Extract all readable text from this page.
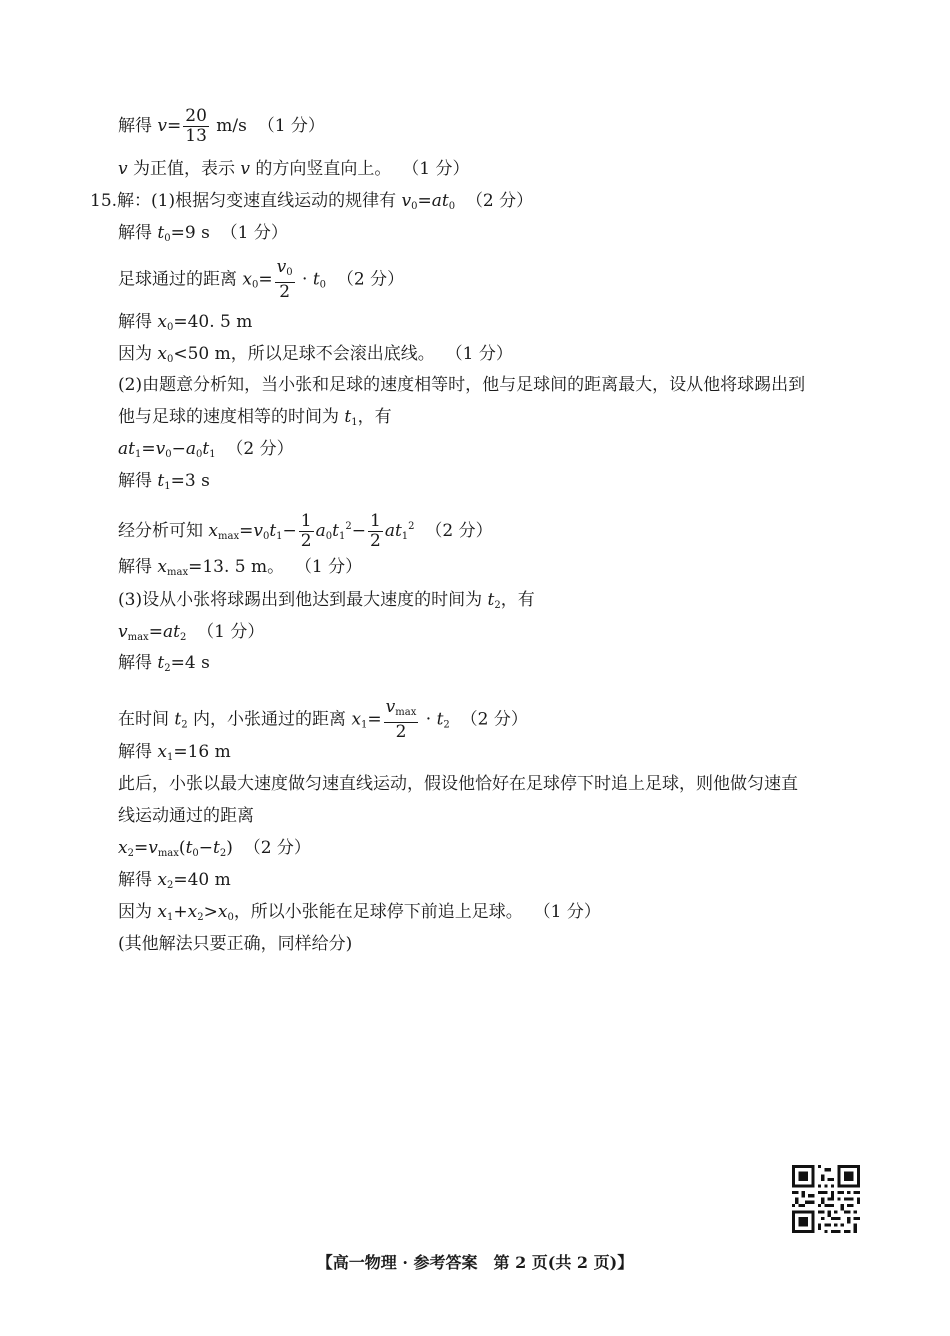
解得 $v= \frac{20}{13} m/s$ （1 分）
v 为正值，表示 v 的方向竖直向上。 （1 分）
15.解：(1)根据匀变速直线运动的规律有 $v_0=at_0$ （2 分）
解得 $t_0=9$ s （1 分）
足球通过的距离 $x_0= \frac{v_0}{2} \cdot t_0$ （2 分）
解得 $x_0=40$. 5 m
因为 $x_0<50$ m，所以足球不会滚出底线。 （1 分）
(2)由题意分析知，当小张和足球的速度相等时，他与足球间的距离最大，设从他将球踢出到
他与足球的速度相等的时间为 $t_1$，有
$at_1=v_0-a_0t_1$ （2 分）
解得 $t_1=3$ s
经分析可知 $x_{max}=v_0t_1- \frac{1}{2} a_0t_1^2- \frac{1}{2} at_1^2$ （2 分）
解得 $x_{max}=13$. 5 m。 （1 分）
(3)设从小张将球踢出到他达到最大速度的时间为 $t_2$，有
$v_{max}=at_2$ （1 分）
解得 $t_2=4$ s
在时间 $t_2$ 内，小张通过的距离 $x_1= \frac{v_{max}}{2} \cdot t_2$ （2 分）
解得 $x_1=16$ m
此后，小张以最大速度做匀速直线运动，假设他恰好在足球停下时追上足球，则他做匀速直
线运动通过的距离
$x_2=v_{max}(t_0-t_2)$ （2 分）
解得 $x_2=40$ m
因为 $x_1+x_2>x_0$，所以小张能在足球停下前追上足球。 （1 分）
(其他解法只要正确，同样给分)
【高一物理 · 参考答案　第 2 页(共 2 页)】
